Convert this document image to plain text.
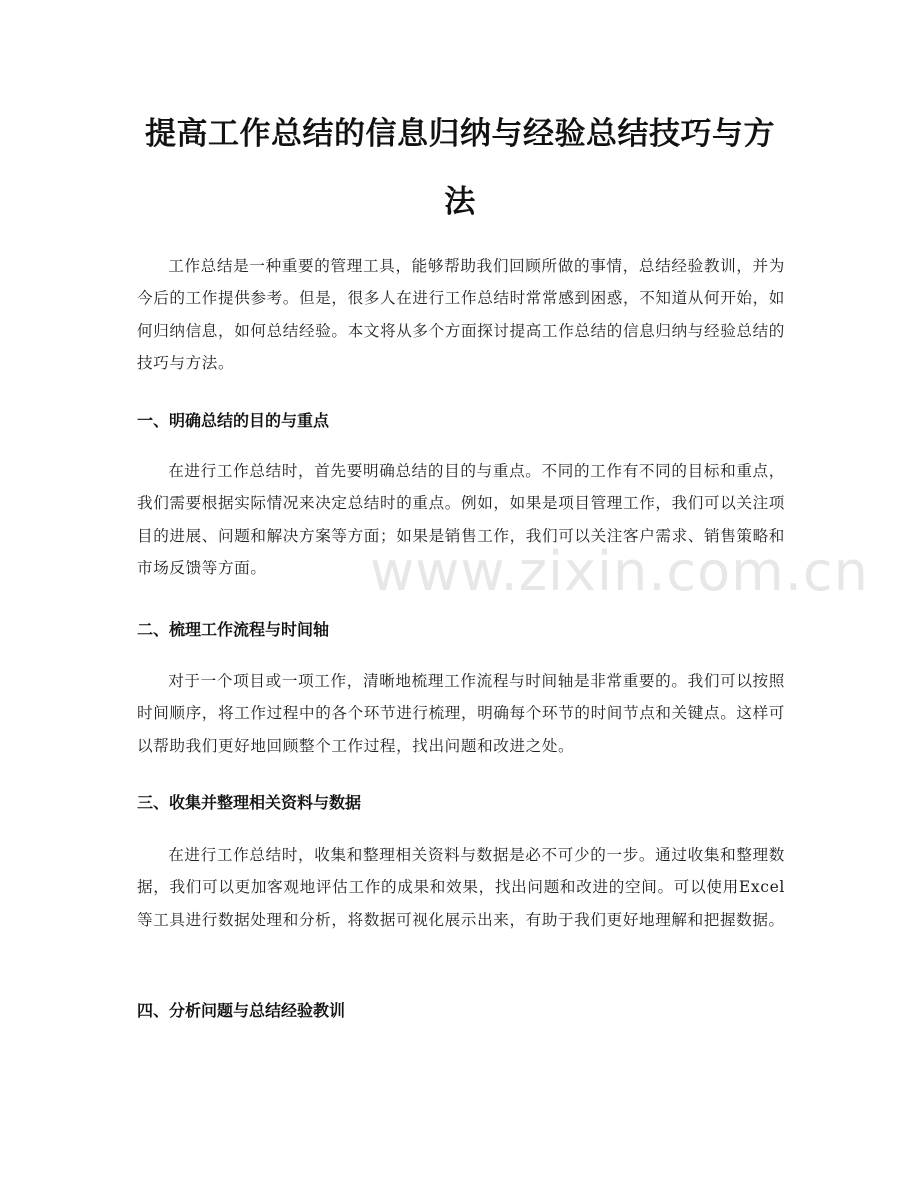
提高工作总结的信息归纳与经验总结技巧与方法

工作总结是一种重要的管理工具，能够帮助我们回顾所做的事情，总结经验教训，并为今后的工作提供参考。但是，很多人在进行工作总结时常常感到困惑，不知道从何开始，如何归纳信息，如何总结经验。本文将从多个方面探讨提高工作总结的信息归纳与经验总结的技巧与方法。

一、明确总结的目的与重点

在进行工作总结时，首先要明确总结的目的与重点。不同的工作有不同的目标和重点，我们需要根据实际情况来决定总结时的重点。例如，如果是项目管理工作，我们可以关注项目的进展、问题和解决方案等方面；如果是销售工作，我们可以关注客户需求、销售策略和市场反馈等方面。

二、梳理工作流程与时间轴

对于一个项目或一项工作，清晰地梳理工作流程与时间轴是非常重要的。我们可以按照时间顺序，将工作过程中的各个环节进行梳理，明确每个环节的时间节点和关键点。这样可以帮助我们更好地回顾整个工作过程，找出问题和改进之处。

三、收集并整理相关资料与数据

在进行工作总结时，收集和整理相关资料与数据是必不可少的一步。通过收集和整理数据，我们可以更加客观地评估工作的成果和效果，找出问题和改进的空间。可以使用Excel等工具进行数据处理和分析，将数据可视化展示出来，有助于我们更好地理解和把握数据。

四、分析问题与总结经验教训
www.zixin.com.cn
